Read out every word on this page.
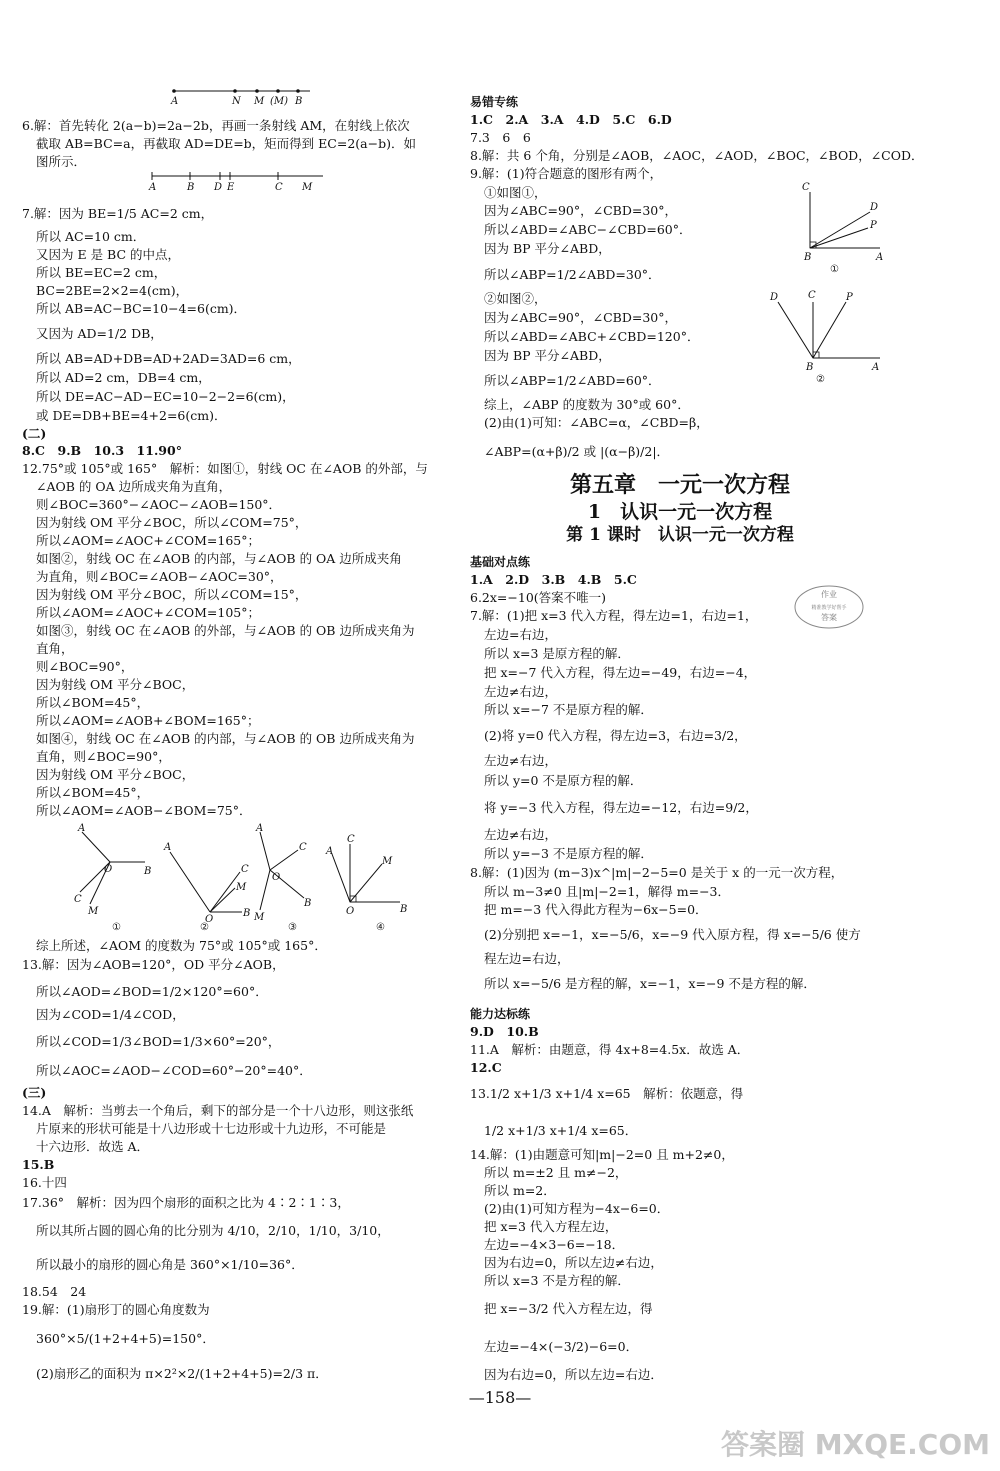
A	N M (M) B
6.解：首先转化 2(a−b)=2a−2b，再画一条射线 AM，在射线上依次
截取 AB=BC=a，再截取 AD=DE=b，矩而得到 EC=2(a−b)．如
图所示．
A	B D E	C M
7.解：因为 BE=1/5 AC=2 cm，
所以 AC=10 cm．
又因为 E 是 BC 的中点，
所以 BE=EC=2 cm，
BC=2BE=2×2=4(cm)，
所以 AB=AC−BC=10−4=6(cm)．
又因为 AD=1/2 DB，
所以 AB=AD+DB=AD+2AD=3AD=6 cm，
所以 AD=2 cm，DB=4 cm，
所以 DE=AC−AD−EC=10−2−2=6(cm)，
或 DE=DB+BE=4+2=6(cm)．
(二)
8.C　9.B　10.3　11.90°
12.75°或 105°或 165°　解析：如图①，射线 OC 在∠AOB 的外部，与
∠AOB 的 OA 边所成夹角为直角，
则∠BOC=360°−∠AOC−∠AOB=150°．
因为射线 OM 平分∠BOC，所以∠COM=75°，
所以∠AOM=∠AOC+∠COM=165°；
如图②，射线 OC 在∠AOB 的内部，与∠AOB 的 OA 边所成夹角
为直角，则∠BOC=∠AOB−∠AOC=30°，
因为射线 OM 平分∠BOC，所以∠COM=15°，
所以∠AOM=∠AOC+∠COM=105°；
如图③，射线 OC 在∠AOB 的外部，与∠AOB 的 OB 边所成夹角为
直角，
则∠BOC=90°，
因为射线 OM 平分∠BOC，
所以∠BOM=45°，
所以∠AOM=∠AOB+∠BOM=165°；
如图④，射线 OC 在∠AOB 的内部，与∠AOB 的 OB 边所成夹角为
直角，则∠BOC=90°，
因为射线 OM 平分∠BOC，
所以∠BOM=45°，
所以∠AOM=∠AOB−∠BOM=75°．
A
O	B
C
M
①
A
O
C
M
B
②
A
O
C
B
M
③
A
C
M
O	B
④
综上所述，∠AOM 的度数为 75°或 105°或 165°．
13.解：因为∠AOB=120°，OD 平分∠AOB，
所以∠AOD=∠BOD=1/2×120°=60°．
因为∠COD=1/4∠COD，
所以∠COD=1/3∠BOD=1/3×60°=20°，
所以∠AOC=∠AOD−∠COD=60°−20°=40°．
(三)
14.A　解析：当剪去一个角后，剩下的部分是一个十八边形，则这张纸
片原来的形状可能是十八边形或十七边形或十九边形，不可能是
十六边形．故选 A．
15.B
16.十四
17.36°　解析：因为四个扇形的面积之比为 4∶2∶1∶3，
所以其所占圆的圆心角的比分别为 4/10，2/10，1/10，3/10，
所以最小的扇形的圆心角是 360°×1/10=36°．
18.54　24
19.解：(1)扇形丁的圆心角度数为
360°×5/(1+2+4+5)=150°．
(2)扇形乙的面积为 π×2²×2/(1+2+4+5)=2/3 π．
易错专练
1.C　2.A　3.A　4.D　5.C　6.D
7.3　6　6
8.解：共 6 个角，分别是∠AOB，∠AOC，∠AOD，∠BOC，∠BOD，∠COD．
9.解：(1)符合题意的图形有两个，
①如图①，
因为∠ABC=90°，∠CBD=30°，
所以∠ABD=∠ABC−∠CBD=60°．
因为 BP 平分∠ABD，
所以∠ABP=1/2∠ABD=30°．
②如图②，
因为∠ABC=90°，∠CBD=30°，
所以∠ABD=∠ABC+∠CBD=120°．
因为 BP 平分∠ABD，
所以∠ABP=1/2∠ABD=60°．
综上，∠ABP 的度数为 30°或 60°．
(2)由(1)可知：∠ABC=α，∠CBD=β，
∠ABP=(α+β)/2 或 |(α−β)/2|．
C
D
P
B	A
①
D	C	P
B	A
②
第五章　一元一次方程
1　认识一元一次方程
第 1 课时　认识一元一次方程
基础对点练
1.A　2.D　3.B　4.B　5.C
6.2x=−10(答案不唯一)
7.解：(1)把 x=3 代入方程，得左边=1，右边=1，
左边=右边，
所以 x=3 是原方程的解．
把 x=−7 代入方程，得左边=−49，右边=−4，
左边≠右边，
所以 x=−7 不是原方程的解．
(2)将 y=0 代入方程，得左边=3，右边=3/2，
左边≠右边，
所以 y=0 不是原方程的解．
将 y=−3 代入方程，得左边=−12，右边=9/2，
左边≠右边，
所以 y=−3 不是原方程的解．
8.解：(1)因为 (m−3)x^|m|−2−5=0 是关于 x 的一元一次方程，
所以 m−3≠0 且|m|−2=1，解得 m=−3．
把 m=−3 代入得此方程为−6x−5=0．
(2)分别把 x=−1，x=−5/6，x=−9 代入原方程，得 x=−5/6 使方
程左边=右边，
所以 x=−5/6 是方程的解，x=−1，x=−9 不是方程的解．
能力达标练
9.D　10.B
11.A　解析：由题意，得 4x+8=4.5x．故选 A．
12.C
13.1/2 x+1/3 x+1/4 x=65　解析：依题意，得
1/2 x+1/3 x+1/4 x=65．
14.解：(1)由题意可知|m|−2=0 且 m+2≠0，
所以 m=±2 且 m≠−2，
所以 m=2．
(2)由(1)可知方程为−4x−6=0．
把 x=3 代入方程左边，
左边=−4×3−6=−18．
因为右边=0，所以左边≠右边，
所以 x=3 不是方程的解．
把 x=−3/2 代入方程左边，得
左边=−4×(−3/2)−6=0．
因为右边=0，所以左边=右边．
作业
精准教学好帮手
答案
—158—
答案圈 MXQE.COM
